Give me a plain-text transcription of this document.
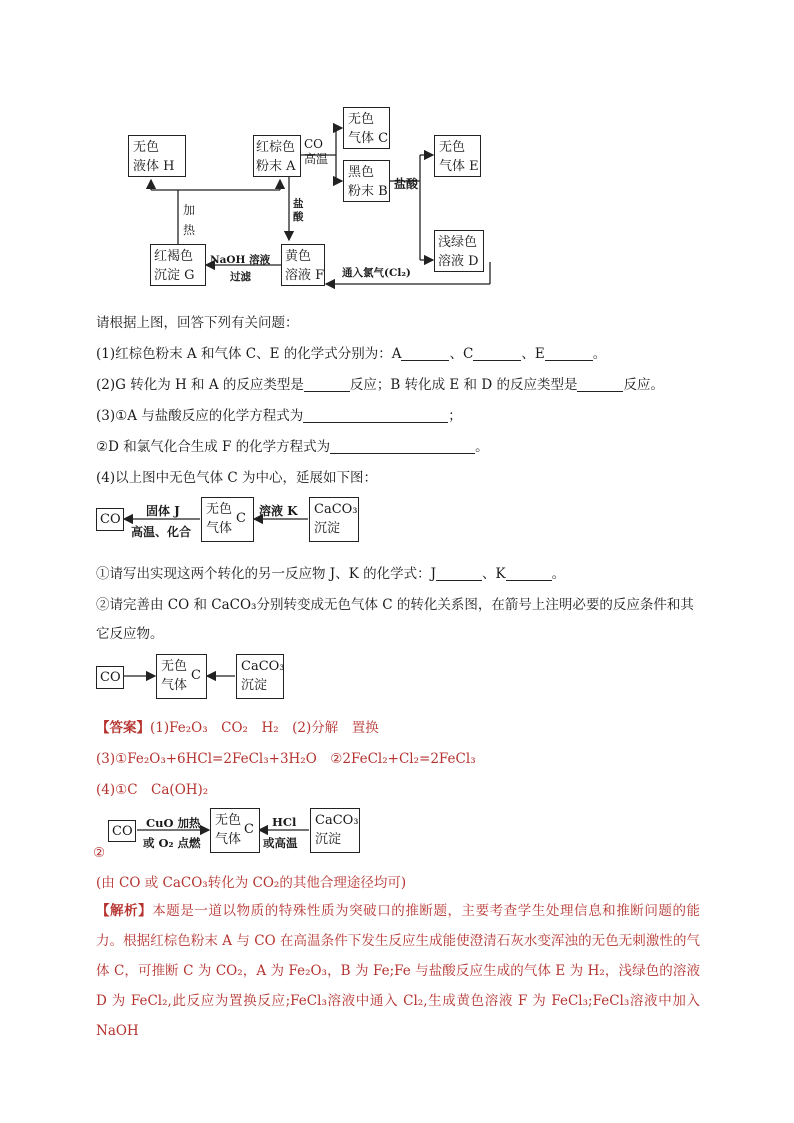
无色
液体 H
红棕色
粉末 A
无色
气体 C
黑色
粉末 B
无色
气体 E
红褐色
沉淀 G
黄色
溶液 F
浅绿色
溶液 D
CO
高温
盐酸
盐
酸
加
热
NaOH 溶液
过滤	通入氯气(Cl₂)
请根据上图，回答下列有关问题：
(1)红棕色粉末 A 和气体 C、E 的化学式分别为：A	、C	、E	。
(2)G 转化为 H 和 A 的反应类型是	反应；B 转化成 E 和 D 的反应类型是	反应。
(3)①A 与盐酸反应的化学方程式为	；
②D 和氯气化合生成 F 的化学方程式为	。
(4)以上图中无色气体 C 为中心，延展如下图：
CO
无色
气体
C
CaCO₃
沉淀
固体 J
高温、化合
溶液 K
①请写出实现这两个转化的另一反应物 J、K 的化学式：J	、K	。
②请完善由 CO 和 CaCO₃分别转变成无色气体 C 的转化关系图，在箭号上注明必要的反应条件和其
它反应物。
CO
无色
气体
C
CaCO₃
沉淀
【答案】(1)Fe₂O₃　CO₂　H₂　(2)分解　置换
(3)①Fe₂O₃+6HCl=2FeCl₃+3H₂O　②2FeCl₂+Cl₂=2FeCl₃
(4)①C　Ca(OH)₂
②
CO
无色
气体
C
CaCO₃
沉淀
CuO 加热
或 O₂ 点燃
HCl
或高温
(由 CO 或 CaCO₃转化为 CO₂的其他合理途径均可)
【解析】本题是一道以物质的特殊性质为突破口的推断题，主要考查学生处理信息和推断问题的能力。根据红棕色粉末 A 与 CO 在高温条件下发生反应生成能使澄清石灰水变浑浊的无色无刺激性的气体 C，可推断 C 为 CO₂，A 为 Fe₂O₃，B 为 Fe;Fe 与盐酸反应生成的气体 E 为 H₂，浅绿色的溶液 D 为 FeCl₂,此反应为置换反应;FeCl₃溶液中通入 Cl₂,生成黄色溶液 F 为 FeCl₃;FeCl₃溶液中加入 NaOH
